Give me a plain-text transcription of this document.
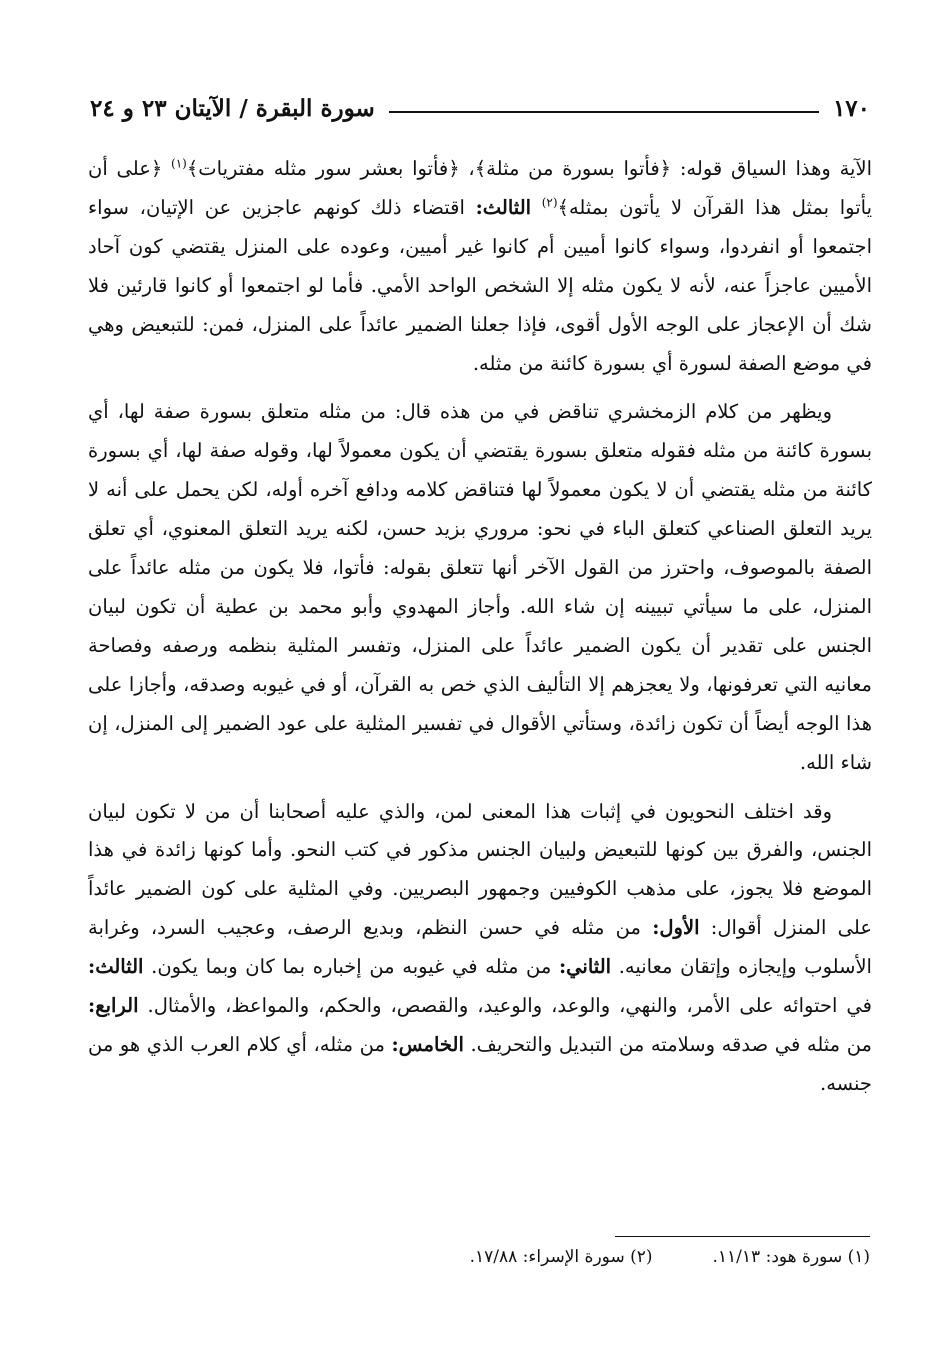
١٧٠
سورة البقرة / الآيتان ٢٣ و ٢٤

الآية وهذا السياق قوله: ﴿فأتوا بسورة من مثلة﴾، ﴿فأتوا بعشر سور مثله مفتريات﴾$^{(١)}$ ﴿على أن يأتوا بمثل هذا القرآن لا يأتون بمثله﴾$^{(٢)}$ الثالث: اقتضاء ذلك كونهم عاجزين عن الإتيان، سواء اجتمعوا أو انفردوا، وسواء كانوا أميين أم كانوا غير أميين، وعوده على المنزل يقتضي كون آحاد الأميين عاجزاً عنه، لأنه لا يكون مثله إلا الشخص الواحد الأمي. فأما لو اجتمعوا أو كانوا قارئين فلا شك أن الإعجاز على الوجه الأول أقوى، فإذا جعلنا الضمير عائداً على المنزل، فمن: للتبعيض وهي في موضع الصفة لسورة أي بسورة كائنة من مثله.

ويظهر من كلام الزمخشري تناقض في من هذه قال: من مثله متعلق بسورة صفة لها، أي بسورة كائنة من مثله فقوله متعلق بسورة يقتضي أن يكون معمولاً لها، وقوله صفة لها، أي بسورة كائنة من مثله يقتضي أن لا يكون معمولاً لها فتناقض كلامه ودافع آخره أوله، لكن يحمل على أنه لا يريد التعلق الصناعي كتعلق الباء في نحو: مروري بزيد حسن، لكنه يريد التعلق المعنوي، أي تعلق الصفة بالموصوف، واحترز من القول الآخر أنها تتعلق بقوله: فأتوا، فلا يكون من مثله عائداً على المنزل، على ما سيأتي تبيينه إن شاء الله. وأجاز المهدوي وأبو محمد بن عطية أن تكون لبيان الجنس على تقدير أن يكون الضمير عائداً على المنزل، وتفسر المثلية بنظمه ورصفه وفصاحة معانيه التي تعرفونها، ولا يعجزهم إلا التأليف الذي خص به القرآن، أو في غيوبه وصدقه، وأجازا على هذا الوجه أيضاً أن تكون زائدة، وستأتي الأقوال في تفسير المثلية على عود الضمير إلى المنزل، إن شاء الله.

وقد اختلف النحويون في إثبات هذا المعنى لمن، والذي عليه أصحابنا أن من لا تكون لبيان الجنس، والفرق بين كونها للتبعيض ولبيان الجنس مذكور في كتب النحو. وأما كونها زائدة في هذا الموضع فلا يجوز، على مذهب الكوفيين وجمهور البصريين. وفي المثلية على كون الضمير عائداً على المنزل أقوال: الأول: من مثله في حسن النظم، وبديع الرصف، وعجيب السرد، وغرابة الأسلوب وإيجازه وإتقان معانيه. الثاني: من مثله في غيوبه من إخباره بما كان وبما يكون. الثالث: في احتوائه على الأمر، والنهي، والوعد، والوعيد، والقصص، والحكم، والمواعظ، والأمثال. الرابع: من مثله في صدقه وسلامته من التبديل والتحريف. الخامس: من مثله، أي كلام العرب الذي هو من جنسه.

(١) سورة هود: ١١/١٣.
(٢) سورة الإسراء: ١٧/٨٨.
